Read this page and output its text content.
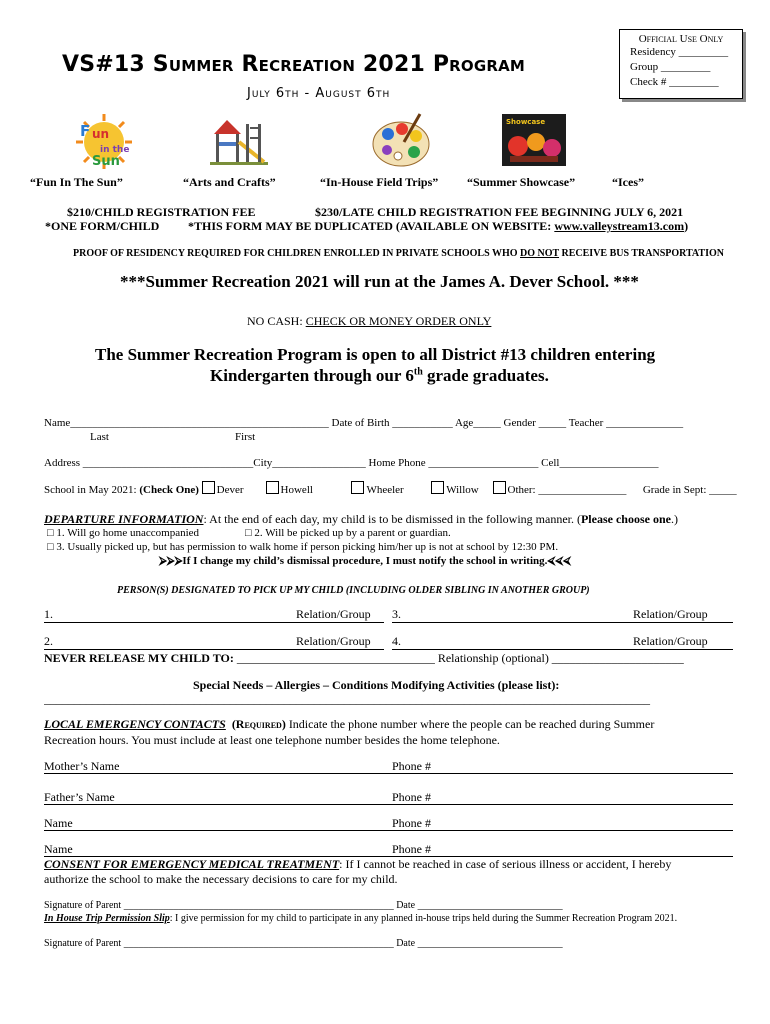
VS#13 Summer Recreation 2021 Program
July 6th - August 6th
Official Use Only
Residency _________
Group _________
Check # _________
F un
in the
Sun
Showcase
“Fun In The Sun”	“Arts and Crafts”	“In-House Field Trips” “Summer Showcase”	“Ices”
$210/CHILD REGISTRATION FEE	$230/LATE CHILD REGISTRATION FEE BEGINNING JULY 6, 2021
*ONE FORM/CHILD *THIS FORM MAY BE DUPLICATED (AVAILABLE ON WEBSITE: www.valleystream13.com)
PROOF OF RESIDENCY REQUIRED FOR CHILDREN ENROLLED IN PRIVATE SCHOOLS WHO DO NOT RECEIVE BUS TRANSPORTATION
***Summer Recreation 2021 will run at the James A. Dever School. ***
NO CASH: CHECK OR MONEY ORDER ONLY
The Summer Recreation Program is open to all District #13 children entering
Kindergarten through our 6th grade graduates.
Name_______________________________________________ Date of Birth ___________ Age_____ Gender _____ Teacher ______________
Last	First
Address _______________________________City_________________ Home Phone ____________________ Cell__________________
School in May 2021: (Check One) Dever	Howell	Wheeler	Willow	Other: ________________ Grade in Sept: _____
DEPARTURE INFORMATION: At the end of each day, my child is to be dismissed in the following manner. (Please choose one.)
□ 1. Will go home unaccompanied	□ 2. Will be picked up by a parent or guardian.
□ 3. Usually picked up, but has permission to walk home if person picking him/her up is not at school by 12:30 PM.
⮚⮚⮚If I change my child’s dismissal procedure, I must notify the school in writing.⮘⮘⮘
PERSON(S) DESIGNATED TO PICK UP MY CHILD (INCLUDING OLDER SIBLING IN ANOTHER GROUP)
1.	Relation/Group 3.	Relation/Group
2.	Relation/Group 4.	Relation/Group
NEVER RELEASE MY CHILD TO: _________________________________ Relationship (optional) ______________________
Special Needs – Allergies – Conditions Modifying Activities (please list):
_____________________________________________________________________________________________________
LOCAL EMERGENCY CONTACTS (Required) Indicate the phone number where the people can be reached during Summer
Recreation hours. You must include at least one telephone number besides the home telephone.
Mother’s Name	Phone #
Father’s Name	Phone #
Name	Phone #
Name	Phone #
CONSENT FOR EMERGENCY MEDICAL TREATMENT: If I cannot be reached in case of serious illness or accident, I hereby
authorize the school to make the necessary decisions to care for my child.
Signature of Parent ______________________________________________________ Date _____________________________
In House Trip Permission Slip: I give permission for my child to participate in any planned in-house trips held during the Summer Recreation Program 2021.
Signature of Parent ______________________________________________________ Date _____________________________
